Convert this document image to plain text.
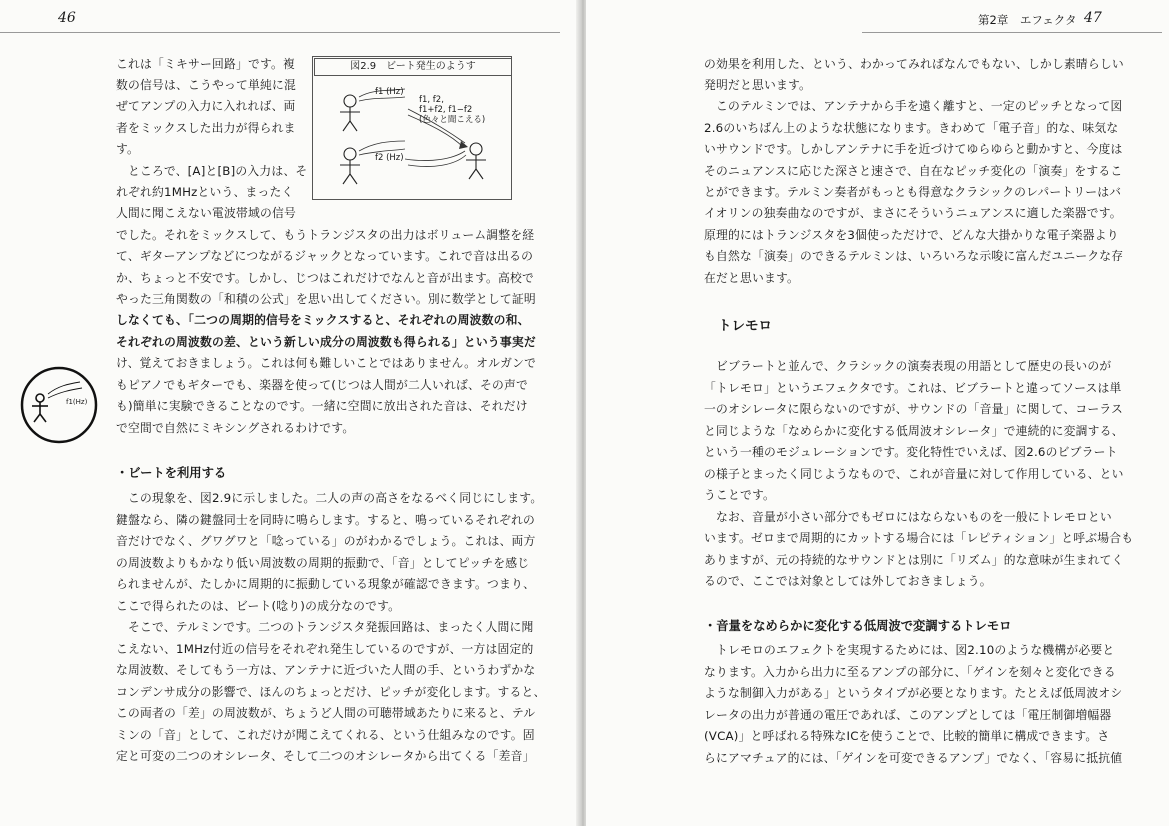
46
図2.9　ビート発生のようす
f1 (Hz)
f2 (Hz)
f1, f2,
f1+f2, f1−f2
(色々と聞こえる)
f1(Hz)

これは「ミキサー回路」です。複

数の信号は、こうやって単純に混

ぜてアンプの入力に入れれば、両

者をミックスした出力が得られま

す。

　ところで、[A]と[B]の入力は、そ

れぞれ約1MHzという、まったく

人間に聞こえない電波帯域の信号

でした。それをミックスして、もうトランジスタの出力はボリューム調整を経

て、ギターアンプなどにつながるジャックとなっています。これで音は出るの

か、ちょっと不安です。しかし、じつはこれだけでなんと音が出ます。高校で

やった三角関数の「和積の公式」を思い出してください。別に数学として証明

しなくても、「二つの周期的信号をミックスすると、それぞれの周波数の和、

それぞれの周波数の差、という新しい成分の周波数も得られる」という事実だ

け、覚えておきましょう。これは何も難しいことではありません。オルガンで

もピアノでもギターでも、楽器を使って(じつは人間が二人いれば、その声で

も)簡単に実験できることなのです。一緒に空間に放出された音は、それだけ

で空間で自然にミキシングされるわけです。

・ビートを利用する

　この現象を、図2.9に示しました。二人の声の高さをなるべく同じにします。

鍵盤なら、隣の鍵盤同士を同時に鳴らします。すると、鳴っているそれぞれの

音だけでなく、グワグワと「唸っている」のがわかるでしょう。これは、両方

の周波数よりもかなり低い周波数の周期的振動で、「音」としてピッチを感じ

られませんが、たしかに周期的に振動している現象が確認できます。つまり、

ここで得られたのは、ビート(唸り)の成分なのです。

　そこで、テルミンです。二つのトランジスタ発振回路は、まったく人間に聞

こえない、1MHz付近の信号をそれぞれ発生しているのですが、一方は固定的

な周波数、そしてもう一方は、アンテナに近づいた人間の手、というわずかな

コンデンサ成分の影響で、ほんのちょっとだけ、ピッチが変化します。すると、

この両者の「差」の周波数が、ちょうど人間の可聴帯域あたりに来ると、テル

ミンの「音」として、これだけが聞こえてくれる、という仕組みなのです。固

定と可変の二つのオシレータ、そして二つのオシレータから出てくる「差音」

第2章　エフェクタ 47

の効果を利用した、という、わかってみればなんでもない、しかし素晴らしい

発明だと思います。

　このテルミンでは、アンテナから手を遠く離すと、一定のピッチとなって図

2.6のいちばん上のような状態になります。きわめて「電子音」的な、味気な

いサウンドです。しかしアンテナに手を近づけてゆらゆらと動かすと、今度は

そのニュアンスに応じた深さと速さで、自在なピッチ変化の「演奏」をするこ

とができます。テルミン奏者がもっとも得意なクラシックのレパートリーはバ

イオリンの独奏曲なのですが、まさにそういうニュアンスに適した楽器です。

原理的にはトランジスタを3個使っただけで、どんな大掛かりな電子楽器より

も自然な「演奏」のできるテルミンは、いろいろな示唆に富んだユニークな存

在だと思います。

トレモロ

　ビブラートと並んで、クラシックの演奏表現の用語として歴史の長いのが

「トレモロ」というエフェクタです。これは、ビブラートと違ってソースは単

一のオシレータに限らないのですが、サウンドの「音量」に関して、コーラス

と同じような「なめらかに変化する低周波オシレータ」で連続的に変調する、

という一種のモジュレーションです。変化特性でいえば、図2.6のビブラート

の様子とまったく同じようなもので、これが音量に対して作用している、とい

うことです。

　なお、音量が小さい部分でもゼロにはならないものを一般にトレモロとい

います。ゼロまで周期的にカットする場合には「レピティション」と呼ぶ場合も

ありますが、元の持続的なサウンドとは別に「リズム」的な意味が生まれてく

るので、ここでは対象としては外しておきましょう。

・音量をなめらかに変化する低周波で変調するトレモロ

　トレモロのエフェクトを実現するためには、図2.10のような機構が必要と

なります。入力から出力に至るアンプの部分に、「ゲインを刻々と変化できる

ような制御入力がある」というタイプが必要となります。たとえば低周波オシ

レータの出力が普通の電圧であれば、このアンプとしては「電圧制御増幅器

(VCA)」と呼ばれる特殊なICを使うことで、比較的簡単に構成できます。さ

らにアマチュア的には、「ゲインを可変できるアンプ」でなく、「容易に抵抗値
